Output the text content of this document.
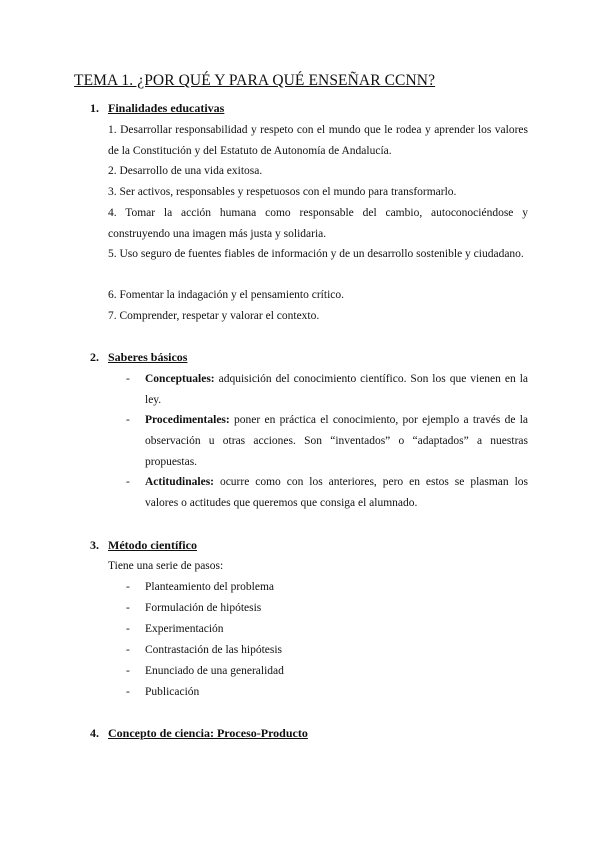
TEMA 1. ¿POR QUÉ Y PARA QUÉ ENSEÑAR CCNN?
1. Finalidades educativas
1. Desarrollar responsabilidad y respeto con el mundo que le rodea y aprender los valores de la Constitución y del Estatuto de Autonomía de Andalucía.
2. Desarrollo de una vida exitosa.
3. Ser activos, responsables y respetuosos con el mundo para transformarlo.
4. Tomar la acción humana como responsable del cambio, autoconociéndose y construyendo una imagen más justa y solidaria.
5. Uso seguro de fuentes fiables de información y de un desarrollo sostenible y ciudadano.
6. Fomentar la indagación y el pensamiento crítico.
7. Comprender, respetar y valorar el contexto.
2. Saberes básicos
- Conceptuales: adquisición del conocimiento científico. Son los que vienen en la ley.
- Procedimentales: poner en práctica el conocimiento, por ejemplo a través de la observación u otras acciones. Son “inventados” o “adaptados” a nuestras propuestas.
- Actitudinales: ocurre como con los anteriores, pero en estos se plasman los valores o actitudes que queremos que consiga el alumnado.
3. Método científico
Tiene una serie de pasos:
- Planteamiento del problema
- Formulación de hipótesis
- Experimentación
- Contrastación de las hipótesis
- Enunciado de una generalidad
- Publicación
4. Concepto de ciencia: Proceso-Producto
